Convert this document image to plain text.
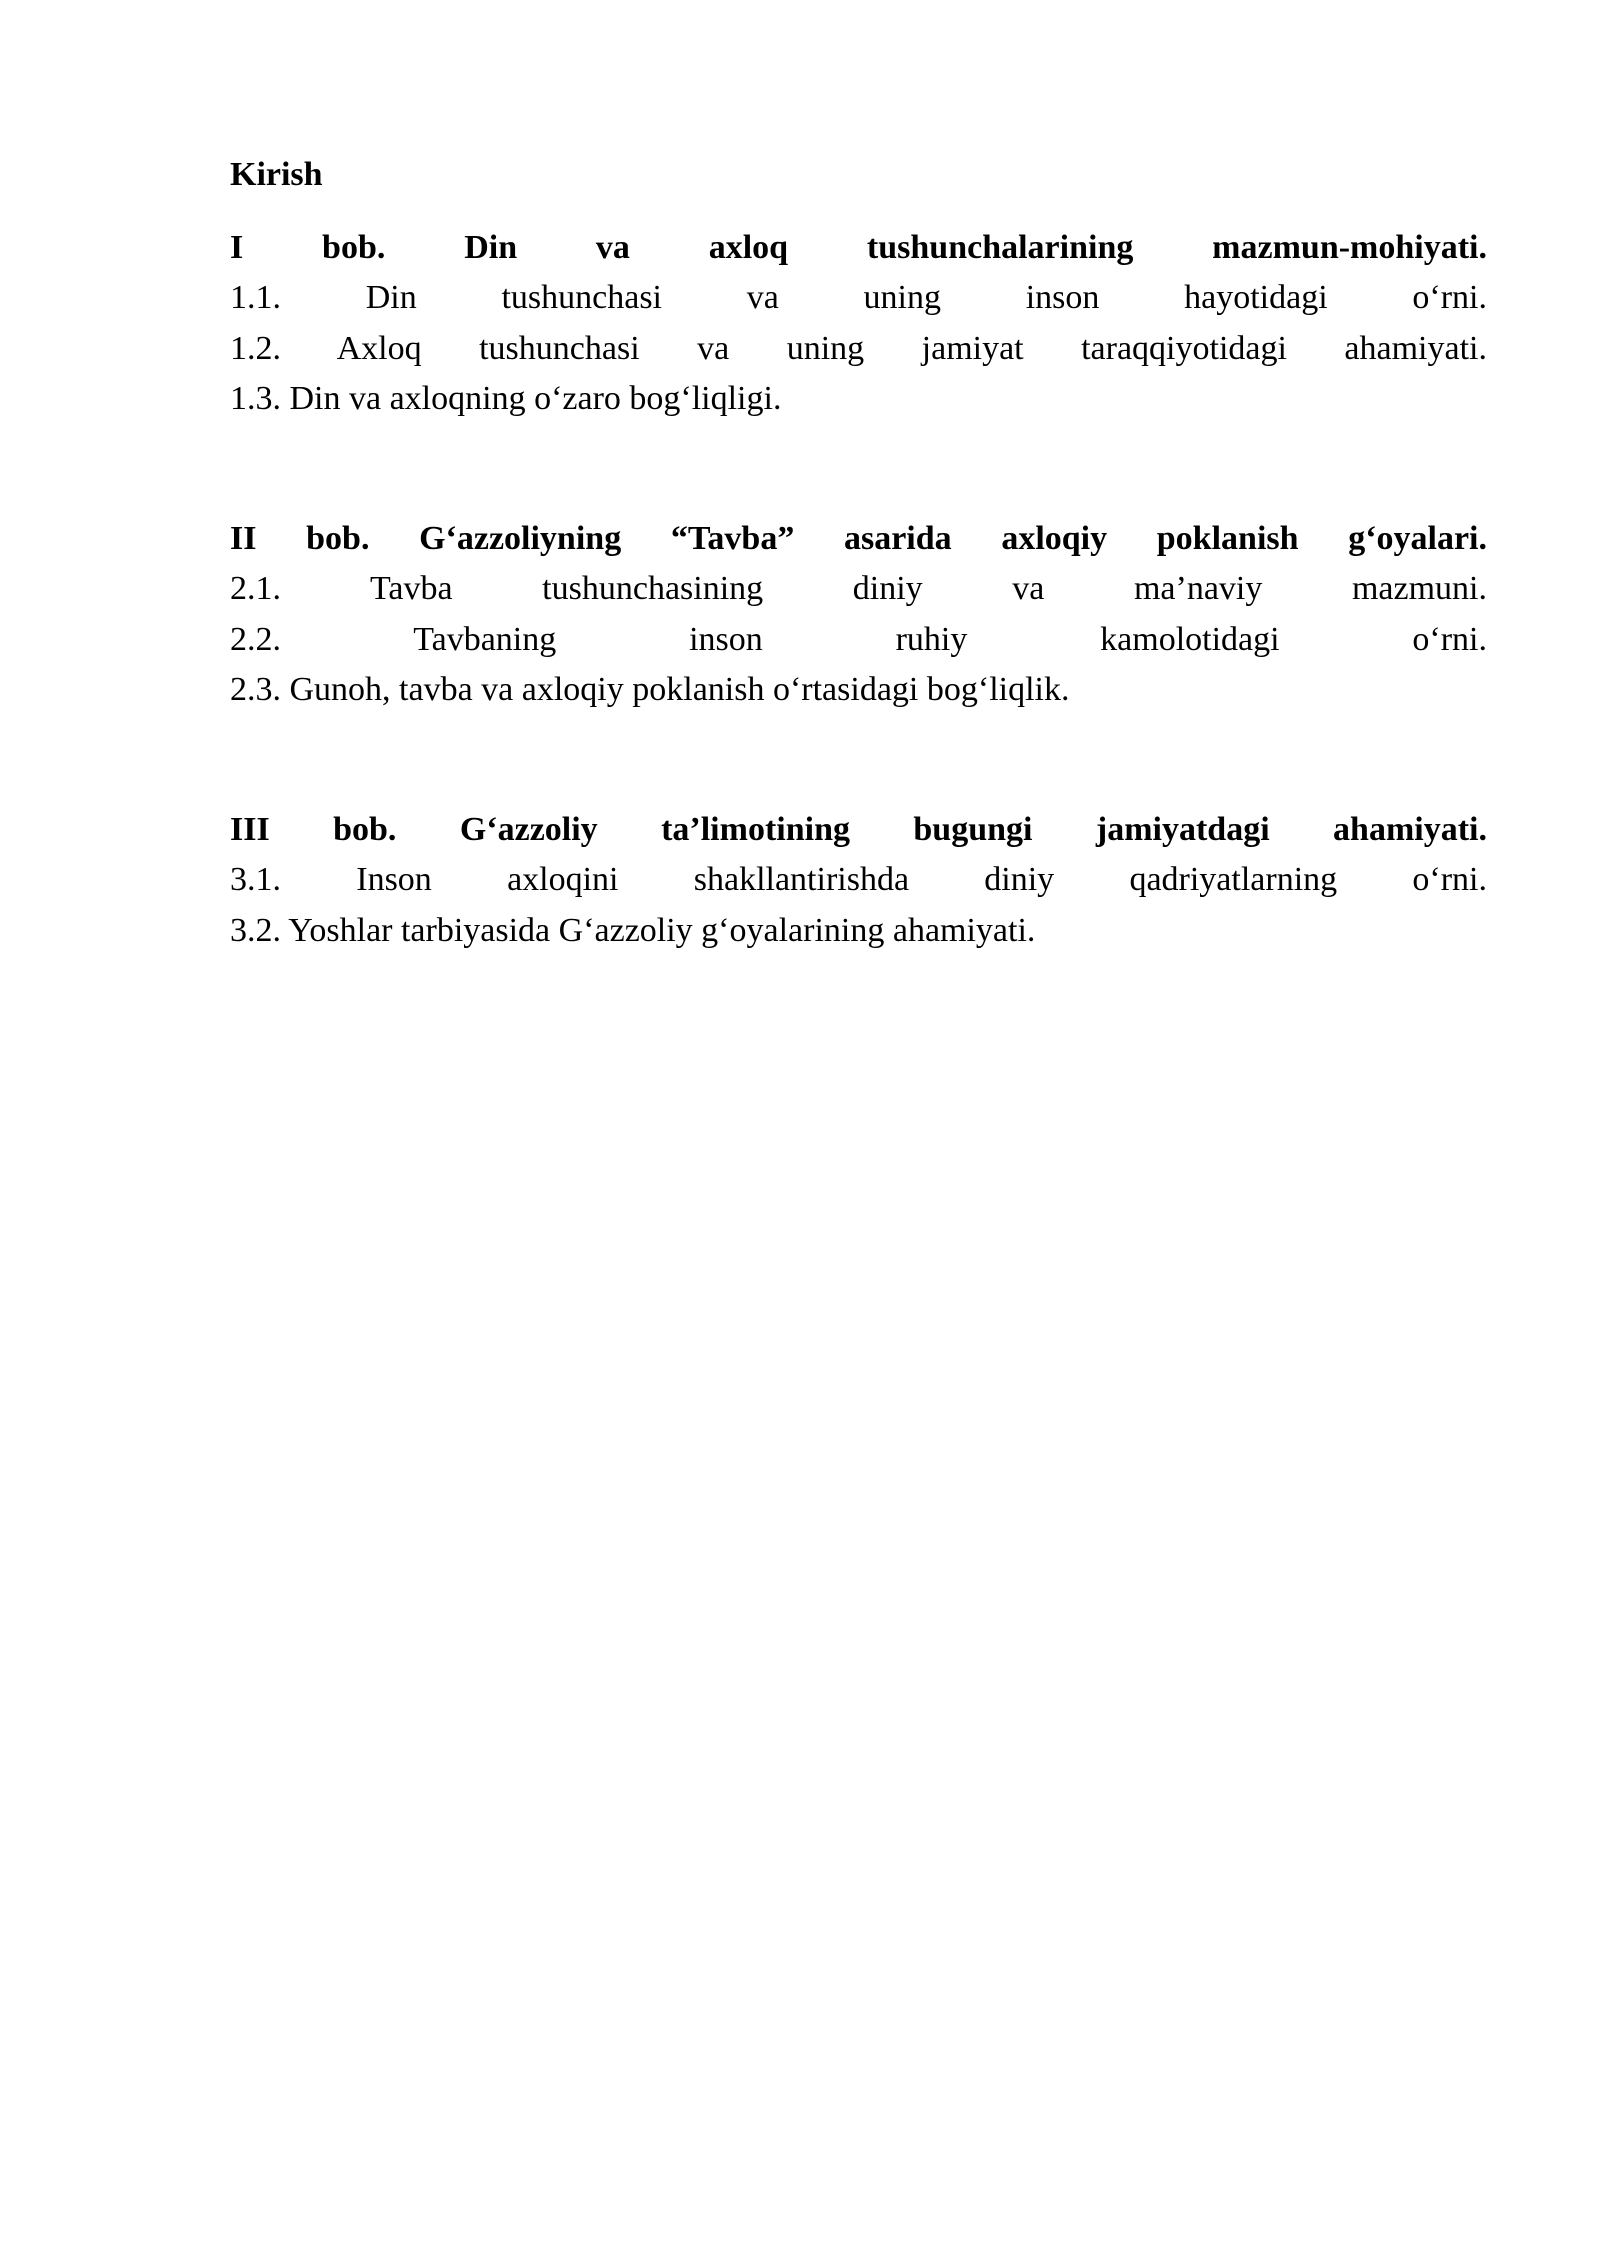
Kirish
I bob. Din va axloq tushunchalarining mazmun-mohiyati.
1.1. Din tushunchasi va uning inson hayotidagi o‘rni.
1.2. Axloq tushunchasi va uning jamiyat taraqqiyotidagi ahamiyati.
1.3. Din va axloqning o‘zaro bog‘liqligi.
II bob. G‘azzoliyning “Tavba” asarida axloqiy poklanish g‘oyalari.
2.1. Tavba tushunchasining diniy va ma’naviy mazmuni.
2.2. Tavbaning inson ruhiy kamolotidagi o‘rni.
2.3. Gunoh, tavba va axloqiy poklanish o‘rtasidagi bog‘liqlik.
III bob. G‘azzoliy ta’limotining bugungi jamiyatdagi ahamiyati.
3.1. Inson axloqini shakllantirishda diniy qadriyatlarning o‘rni.
3.2. Yoshlar tarbiyasida G‘azzoliy g‘oyalarining ahamiyati.
